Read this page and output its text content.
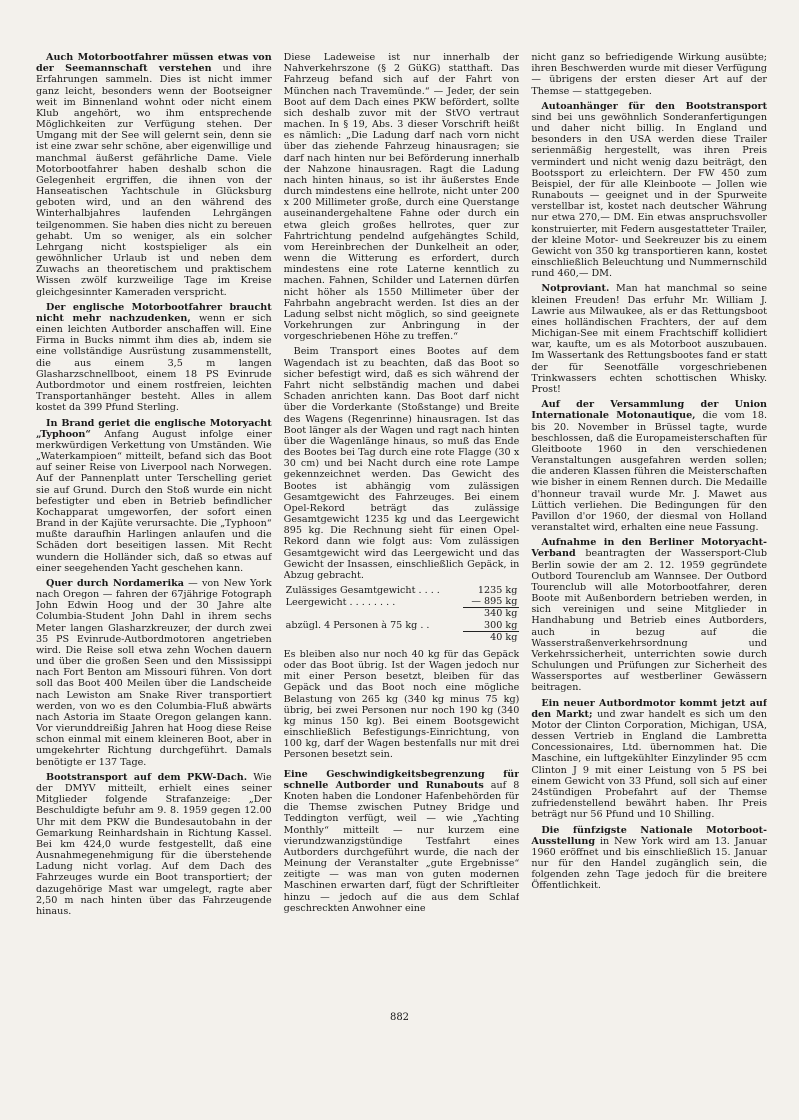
Auch Motorbootfahrer müssen etwas von der Seemannschaft verstehen und ihre Erfahrungen sammeln. Dies ist nicht immer ganz leicht, besonders wenn der Bootseigner weit im Binnenland wohnt oder nicht einem Klub angehört, wo ihm entsprechende Möglichkeiten zur Verfügung stehen. Der Umgang mit der See will gelernt sein, denn sie ist eine zwar sehr schöne, aber eigenwillige und manchmal äußerst gefährliche Dame. Viele Motorbootfahrer haben deshalb schon die Gelegenheit ergriffen, die ihnen von der Hanseatischen Yachtschule in Glücksburg geboten wird, und an den während des Winterhalbjahres laufenden Lehrgängen teilgenommen. Sie haben dies nicht zu bereuen gehabt. Um so weniger, als ein solcher Lehrgang nicht kostspieliger als ein gewöhnlicher Urlaub ist und neben dem Zuwachs an theoretischem und praktischem Wissen zwölf kurzweilige Tage im Kreise gleichgesinnter Kameraden verspricht.

Der englische Motorbootfahrer braucht nicht mehr nachzudenken, wenn er sich einen leichten Autborder anschaffen will. Eine Firma in Bucks nimmt ihm dies ab, indem sie eine vollständige Ausrüstung zusammenstellt, die aus einem 3,5 m langen Glasharzschnellboot, einem 18 PS Evinrude Autbordmotor und einem rostfreien, leichten Transportanhänger besteht. Alles in allem kostet da 399 Pfund Sterling.

In Brand geriet die englische Motoryacht „Typhoon“ Anfang August infolge einer merkwürdigen Verkettung von Umständen. Wie „Waterkampioen“ mitteilt, befand sich das Boot auf seiner Reise von Liverpool nach Norwegen. Auf der Pannenplatt unter Terschelling geriet sie auf Grund. Durch den Stoß wurde ein nicht befestigter und eben in Betrieb befindlicher Kochapparat umgeworfen, der sofort einen Brand in der Kajüte verursachte. Die „Typhoon“ mußte daraufhin Harlingen anlaufen und die Schäden dort beseitigen lassen. Mit Recht wundern die Holländer sich, daß so etwas auf einer seegehenden Yacht geschehen kann.

Quer durch Nordamerika — von New York nach Oregon — fahren der 67jährige Fotograph John Edwin Hoog und der 30 Jahre alte Columbia-Student John Dahl in ihrem sechs Meter langen Glasharzkreuzer, der durch zwei 35 PS Evinrude-Autbordmotoren angetrieben wird. Die Reise soll etwa zehn Wochen dauern und über die großen Seen und den Mississippi nach Fort Benton am Missouri führen. Von dort soll das Boot 400 Meilen über die Landscheide nach Lewiston am Snake River transportiert werden, von wo es den Columbia-Fluß abwärts nach Astoria im Staate Oregon gelangen kann. Vor vierunddreißig Jahren hat Hoog diese Reise schon einmal mit einem kleineren Boot, aber in umgekehrter Richtung durchgeführt. Damals benötigte er 137 Tage.

Bootstransport auf dem PKW-Dach. Wie der DMYV mitteilt, erhielt eines seiner Mitglieder folgende Strafanzeige: „Der Beschuldigte befuhr am 9. 8. 1959 gegen 12.00 Uhr mit dem PKW die Bundesautobahn in der Gemarkung Reinhardshain in Richtung Kassel. Bei km 424,0 wurde festgestellt, daß eine Ausnahmegenehmigung für die überstehende Ladung nicht vorlag. Auf dem Dach des Fahrzeuges wurde ein Boot transportiert; der dazugehörige Mast war umgelegt, ragte aber 2,50 m nach hinten über das Fahrzeugende hinaus.

Diese Ladeweise ist nur innerhalb der Nahverkehrszone (§ 2 GüKG) statthaft. Das Fahrzeug befand sich auf der Fahrt von München nach Travemünde.“ — Jeder, der sein Boot auf dem Dach eines PKW befördert, sollte sich deshalb zuvor mit der StVO vertraut machen. In § 19, Abs. 3 dieser Vorschrift heißt es nämlich: „Die Ladung darf nach vorn nicht über das ziehende Fahrzeug hinausragen; sie darf nach hinten nur bei Beförderung innerhalb der Nahzone hinausragen. Ragt die Ladung nach hinten hinaus, so ist ihr äußerstes Ende durch mindestens eine hellrote, nicht unter 200 x 200 Millimeter große, durch eine Querstange auseinandergehaltene Fahne oder durch ein etwa gleich großes hellrotes, quer zur Fahrtrichtung pendelnd aufgehängtes Schild, vom Hereinbrechen der Dunkelheit an oder, wenn die Witterung es erfordert, durch mindestens eine rote Laterne kenntlich zu machen. Fahnen, Schilder und Laternen dürfen nicht höher als 1550 Millimeter über der Fahrbahn angebracht werden. Ist dies an der Ladung selbst nicht möglich, so sind geeignete Vorkehrungen zur Anbringung in der vorgeschriebenen Höhe zu treffen.“

Beim Transport eines Bootes auf dem Wagendach ist zu beachten, daß das Boot so sicher befestigt wird, daß es sich während der Fahrt nicht selbständig machen und dabei Schaden anrichten kann. Das Boot darf nicht über die Vorderkante (Stoßstange) und Breite des Wagens (Regenrinne) hinausragen. Ist das Boot länger als der Wagen und ragt nach hinten über die Wagenlänge hinaus, so muß das Ende des Bootes bei Tag durch eine rote Flagge (30 x 30 cm) und bei Nacht durch eine rote Lampe gekennzeichnet werden. Das Gewicht des Bootes ist abhängig vom zulässigen Gesamtgewicht des Fahrzeuges. Bei einem Opel-Rekord beträgt das zulässige Gesamtgewicht 1235 kg und das Leergewicht 895 kg. Die Rechnung sieht für einen Opel-Rekord dann wie folgt aus: Vom zulässigen Gesamtgewicht wird das Leergewicht und das Gewicht der Insassen, einschließlich Gepäck, in Abzug gebracht.

Zulässiges Gesamtgewicht . . . .	1235 kg
Leergewicht . . . . . . . .	— 895 kg
	340 kg
abzügl. 4 Personen à 75 kg . .	300 kg
	40 kg

Es bleiben also nur noch 40 kg für das Gepäck oder das Boot übrig. Ist der Wagen jedoch nur mit einer Person besetzt, bleiben für das Gepäck und das Boot noch eine mögliche Belastung von 265 kg (340 kg minus 75 kg) übrig, bei zwei Personen nur noch 190 kg (340 kg minus 150 kg). Bei einem Bootsgewicht einschließlich Befestigungs-Einrichtung, von 100 kg, darf der Wagen bestenfalls nur mit drei Personen besetzt sein.

Eine Geschwindigkeitsbegrenzung für schnelle Autborder und Runabouts auf 8 Knoten haben die Londoner Hafenbehörden für die Themse zwischen Putney Bridge und Teddington verfügt, weil — wie „Yachting Monthly“ mitteilt — nur kurzem eine vierundzwanzigstündige Testfahrt eines Autborders durchgeführt wurde, die nach der Meinung der Veranstalter „gute Ergebnisse“ zeitigte — was man von guten modernen Maschinen erwarten darf, fügt der Schriftleiter hinzu — jedoch auf die aus dem Schlaf geschreckten Anwohner eine

nicht ganz so befriedigende Wirkung ausübte; ihren Beschwerden wurde mit dieser Verfügung — übrigens der ersten dieser Art auf der Themse — stattgegeben.

Autoanhänger für den Bootstransport sind bei uns gewöhnlich Sonderanfertigungen und daher nicht billig. In England und besonders in den USA werden diese Trailer serienmäßig hergestellt, was ihren Preis vermindert und nicht wenig dazu beiträgt, den Bootssport zu erleichtern. Der FW 450 zum Beispiel, der für alle Kleinboote — Jollen wie Runabouts — geeignet und in der Spurweite verstellbar ist, kostet nach deutscher Währung nur etwa 270,— DM. Ein etwas anspruchsvoller konstruierter, mit Federn ausgestatteter Trailer, der kleine Motor- und Seekreuzer bis zu einem Gewicht von 350 kg transportieren kann, kostet einschließlich Beleuchtung und Nummernschild rund 460,— DM.

Notproviant. Man hat manchmal so seine kleinen Freuden! Das erfuhr Mr. William J. Lawrie aus Milwaukee, als er das Rettungsboot eines holländischen Frachters, der auf dem Michigan-See mit einem Frachtschiff kollidiert war, kaufte, um es als Motorboot auszubauen. Im Wassertank des Rettungsbootes fand er statt der für Seenotfälle vorgeschriebenen Trinkwassers echten schottischen Whisky. Prost!

Auf der Versammlung der Union Internationale Motonautique, die vom 18. bis 20. November in Brüssel tagte, wurde beschlossen, daß die Europameisterschaften für Gleitboote 1960 in den verschiedenen Veranstaltungen ausgefahren werden sollen; die anderen Klassen führen die Meisterschaften wie bisher in einem Rennen durch. Die Medaille d'honneur travail wurde Mr. J. Mawet aus Lüttich verliehen. Die Bedingungen für den Pavillon d'or 1960, der diesmal von Holland veranstaltet wird, erhalten eine neue Fassung.

Aufnahme in den Berliner Motoryacht-Verband beantragten der Wassersport-Club Berlin sowie der am 2. 12. 1959 gegründete Outbord Tourenclub am Wannsee. Der Outbord Tourenclub will alle Motorbootfahrer, deren Boote mit Außenbordern betrieben werden, in sich vereinigen und seine Mitglieder in Handhabung und Betrieb eines Autborders, auch in bezug auf die Wasserstraßenverkehrsordnung und Verkehrssicherheit, unterrichten sowie durch Schulungen und Prüfungen zur Sicherheit des Wassersportes auf westberliner Gewässern beitragen.

Ein neuer Autbordmotor kommt jetzt auf den Markt; und zwar handelt es sich um den Motor der Clinton Corporation, Michigan, USA, dessen Vertrieb in England die Lambretta Concessionaires, Ltd. übernommen hat. Die Maschine, ein luftgekühlter Einzylinder 95 ccm Clinton J 9 mit einer Leistung von 5 PS bei einem Gewicht von 33 Pfund, soll sich auf einer 24stündigen Probefahrt auf der Themse zufriedenstellend bewährt haben. Ihr Preis beträgt nur 56 Pfund und 10 Shilling.

Die fünfzigste Nationale Motorboot-Ausstellung in New York wird am 13. Januar 1960 eröffnet und bis einschließlich 15. Januar nur für den Handel zugänglich sein, die folgenden zehn Tage jedoch für die breitere Öffentlichkeit.

882
